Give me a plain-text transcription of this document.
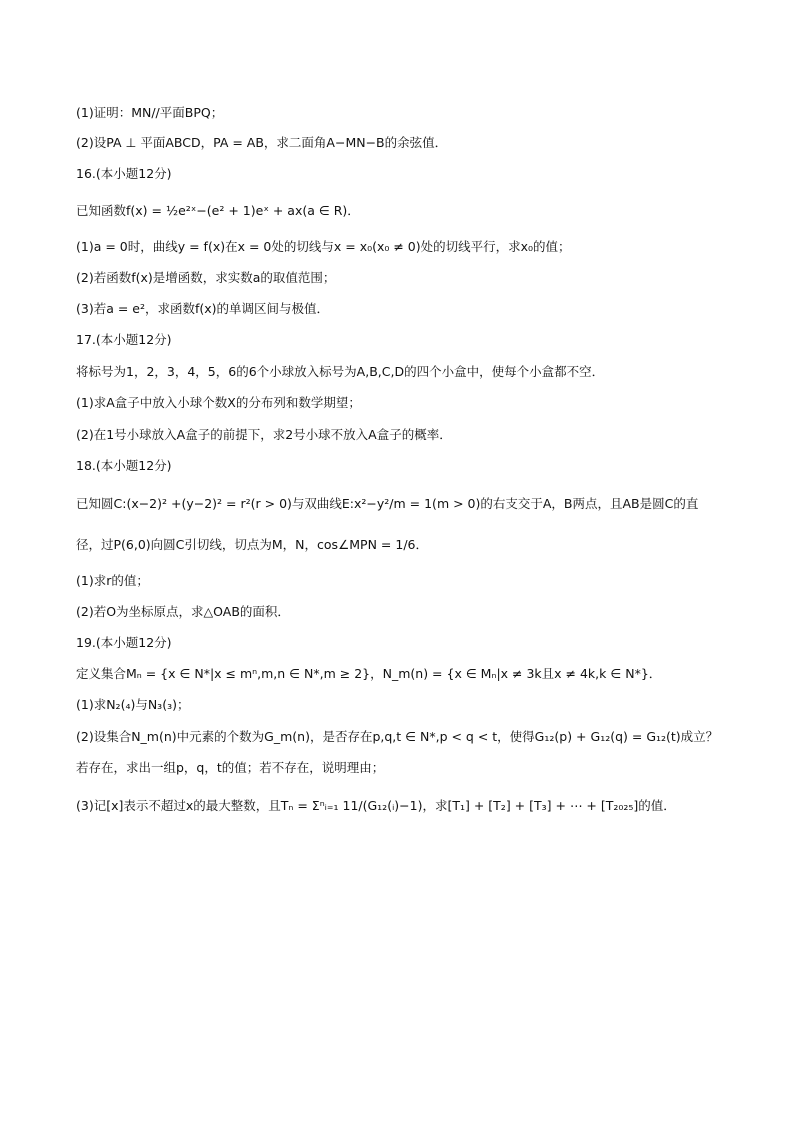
(1)证明：MN//平面BPQ；
(2)设PA ⊥ 平面ABCD，PA = AB，求二面角A−MN−B的余弦值．
16.(本小题12分)
已知函数f(x) = ½e²ˣ−(e² + 1)eˣ + ax(a ∈ R)．
(1)a = 0时，曲线y = f(x)在x = 0处的切线与x = x₀(x₀ ≠ 0)处的切线平行，求x₀的值；
(2)若函数f(x)是增函数，求实数a的取值范围；
(3)若a = e²，求函数f(x)的单调区间与极值．
17.(本小题12分)
将标号为1，2，3，4，5，6的6个小球放入标号为A,B,C,D的四个小盒中，使每个小盒都不空．
(1)求A盒子中放入小球个数X的分布列和数学期望；
(2)在1号小球放入A盒子的前提下，求2号小球不放入A盒子的概率．
18.(本小题12分)
已知圆C:(x−2)² +(y−2)² = r²(r > 0)与双曲线E:x²−y²/m = 1(m > 0)的右支交于A，B两点，且AB是圆C的直
径，过P(6,0)向圆C引切线，切点为M，N，cos∠MPN = 1/6．
(1)求r的值；
(2)若O为坐标原点，求△OAB的面积．
19.(本小题12分)
定义集合Mₙ = {x ∈ N*|x ≤ mⁿ,m,n ∈ N*,m ≥ 2}，N_m(n) = {x ∈ Mₙ|x ≠ 3k且x ≠ 4k,k ∈ N*}．
(1)求N₂(₄)与N₃(₃)；
(2)设集合N_m(n)中元素的个数为G_m(n)，是否存在p,q,t ∈ N*,p < q < t，使得G₁₂(p) + G₁₂(q) = G₁₂(t)成立？
若存在，求出一组p，q，t的值；若不存在，说明理由；
(3)记[x]表示不超过x的最大整数，且Tₙ = Σⁿᵢ₌₁ 11/(G₁₂(ᵢ)−1)，求[T₁] + [T₂] + [T₃] + ⋯ + [T₂₀₂₅]的值．
